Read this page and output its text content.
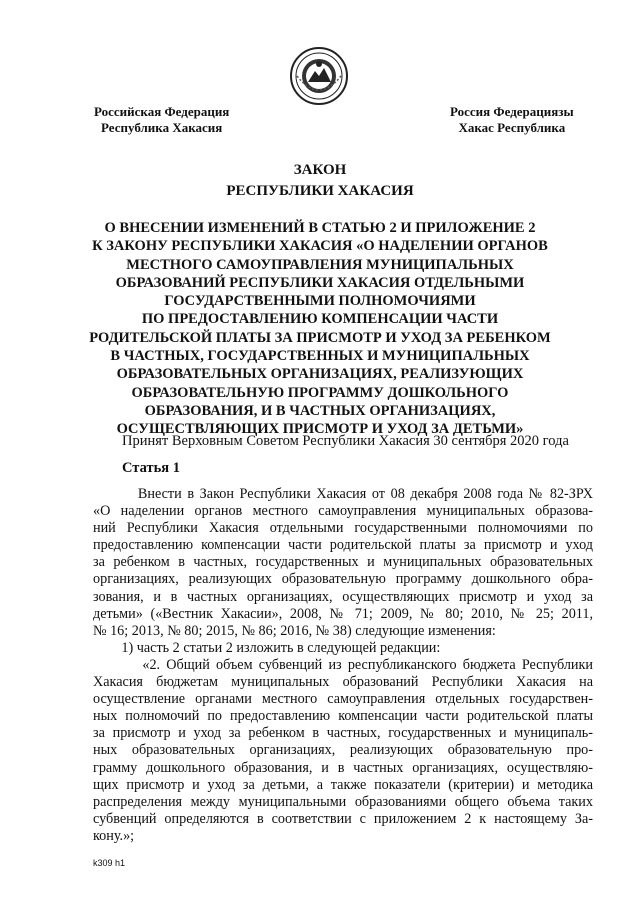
Российская Федерация
Республика Хакасия
Россия Федерациязы
Хакас Республика
ЗАКОН
РЕСПУБЛИКИ ХАКАСИЯ
О ВНЕСЕНИИ ИЗМЕНЕНИЙ В СТАТЬЮ 2 И ПРИЛОЖЕНИЕ 2
К ЗАКОНУ РЕСПУБЛИКИ ХАКАСИЯ «О НАДЕЛЕНИИ ОРГАНОВ
МЕСТНОГО САМОУПРАВЛЕНИЯ МУНИЦИПАЛЬНЫХ
ОБРАЗОВАНИЙ РЕСПУБЛИКИ ХАКАСИЯ ОТДЕЛЬНЫМИ
ГОСУДАРСТВЕННЫМИ ПОЛНОМОЧИЯМИ
ПО ПРЕДОСТАВЛЕНИЮ КОМПЕНСАЦИИ ЧАСТИ
РОДИТЕЛЬСКОЙ ПЛАТЫ ЗА ПРИСМОТР И УХОД ЗА РЕБЕНКОМ
В ЧАСТНЫХ, ГОСУДАРСТВЕННЫХ И МУНИЦИПАЛЬНЫХ
ОБРАЗОВАТЕЛЬНЫХ ОРГАНИЗАЦИЯХ, РЕАЛИЗУЮЩИХ
ОБРАЗОВАТЕЛЬНУЮ ПРОГРАММУ ДОШКОЛЬНОГО
ОБРАЗОВАНИЯ, И В ЧАСТНЫХ ОРГАНИЗАЦИЯХ,
ОСУЩЕСТВЛЯЮЩИХ ПРИСМОТР И УХОД ЗА ДЕТЬМИ»
Принят Верховным Советом Республики Хакасия 30 сентября 2020 года
Статья 1
Внести в Закон Республики Хакасия от 08 декабря 2008 года № 82-ЗРХ
«О наделении органов местного самоуправления муниципальных образова-
ний Республики Хакасия отдельными государственными полномочиями по
предоставлению компенсации части родительской платы за присмотр и уход
за ребенком в частных, государственных и муниципальных образовательных
организациях, реализующих образовательную программу дошкольного обра-
зования, и в частных организациях, осуществляющих присмотр и уход за
детьми» («Вестник Хакасии», 2008, № 71; 2009, № 80; 2010, № 25; 2011,
№ 16; 2013, № 80; 2015, № 86; 2016, № 38) следующие изменения:
1) часть 2 статьи 2 изложить в следующей редакции:
«2. Общий объем субвенций из республиканского бюджета Республики
Хакасия бюджетам муниципальных образований Республики Хакасия на
осуществление органами местного самоуправления отдельных государствен-
ных полномочий по предоставлению компенсации части родительской платы
за присмотр и уход за ребенком в частных, государственных и муниципаль-
ных образовательных организациях, реализующих образовательную про-
грамму дошкольного образования, и в частных организациях, осуществляю-
щих присмотр и уход за детьми, а также показатели (критерии) и методика
распределения между муниципальными образованиями общего объема таких
субвенций определяются в соответствии с приложением 2 к настоящему За-
кону.»;
k309 h1
